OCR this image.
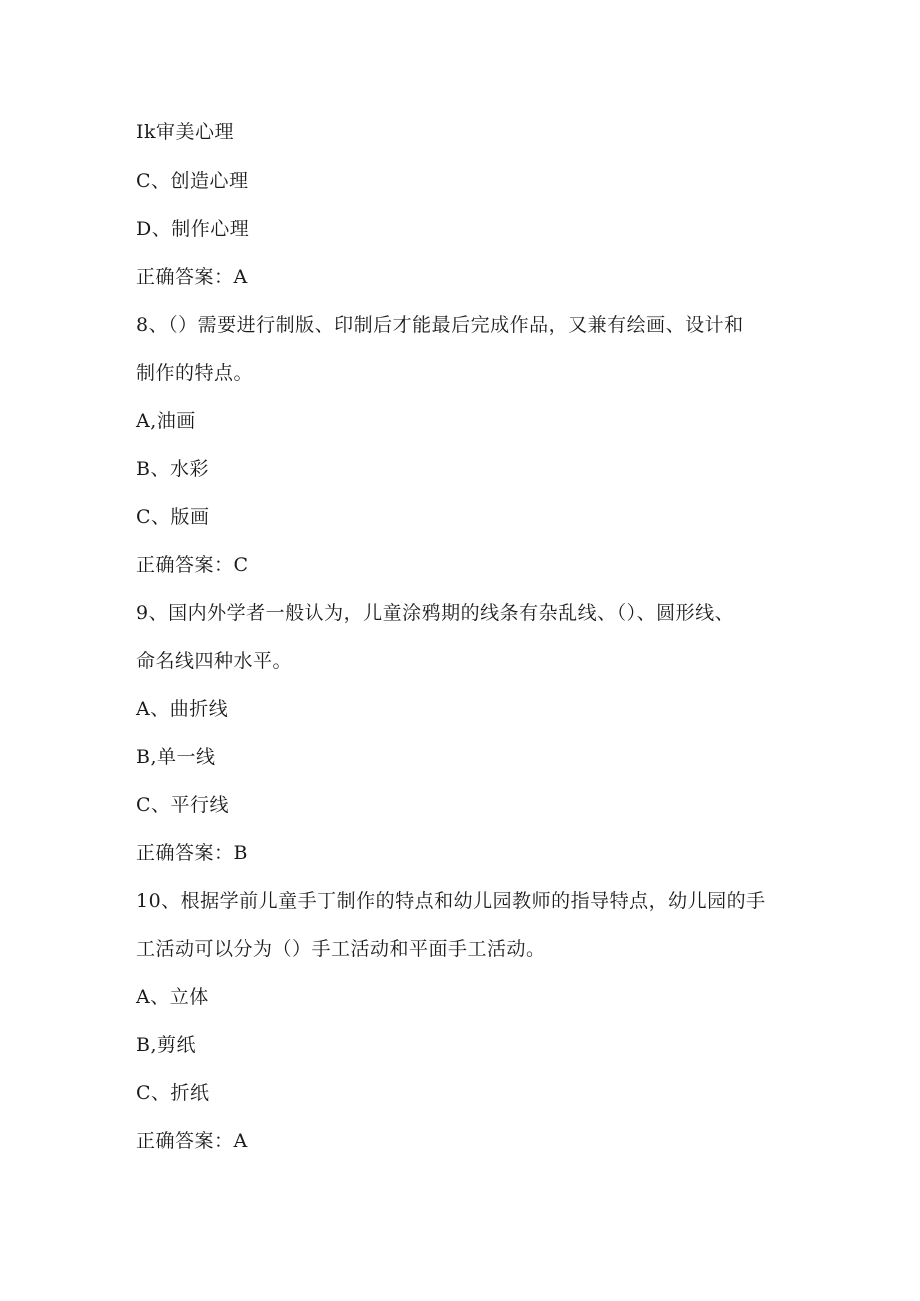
Ik审美心理
C、创造心理
D、制作心理
正确答案：A
8、（）需要进行制版、印制后才能最后完成作品，又兼有绘画、设计和
制作的特点。
A,油画
B、水彩
C、版画
正确答案：C
9、国内外学者一般认为，儿童涂鸦期的线条有杂乱线、（）、圆形线、
命名线四种水平。
A、曲折线
B,单一线
C、平行线
正确答案：B
10、根据学前儿童手丁制作的特点和幼儿园教师的指导特点，幼儿园的手
工活动可以分为（）手工活动和平面手工活动。
A、立体
B,剪纸
C、折纸
正确答案：A
